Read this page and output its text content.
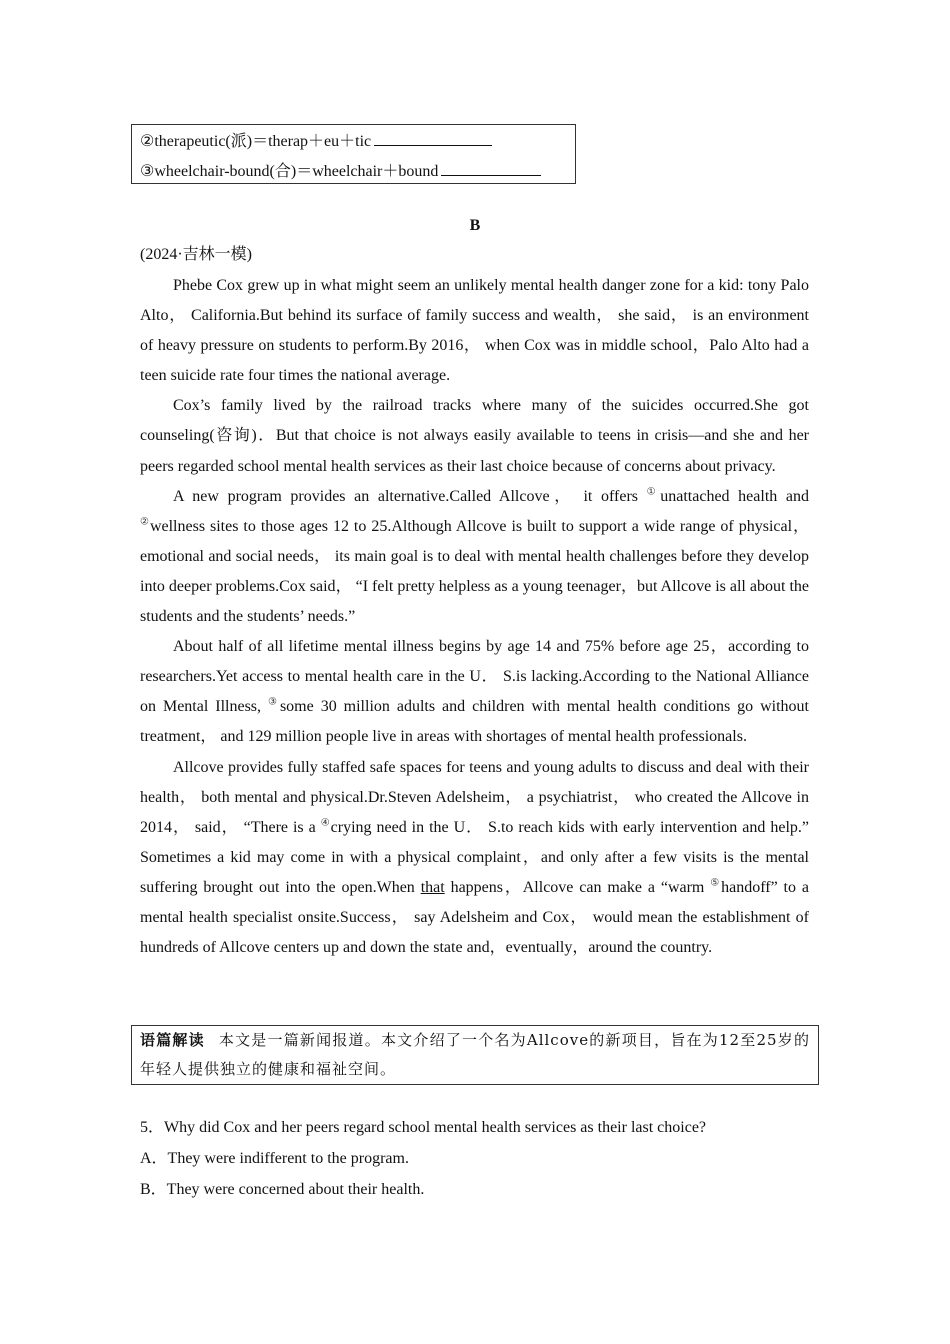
②therapeutic(派)＝therap＋eu＋tic
③wheelchair-bound(合)＝wheelchair＋bound
B
(2024·吉林一模)

Phebe Cox grew up in what might seem an unlikely mental health danger zone for a kid: tony Palo Alto， California.But behind its surface of family success and wealth， she said， is an environment of heavy pressure on students to perform.By 2016， when Cox was in middle school，Palo Alto had a teen suicide rate four times the national average.

Cox’s family lived by the railroad tracks where many of the suicides occurred.She got counseling(咨询)．But that choice is not always easily available to teens in crisis—and she and her peers regarded school mental health services as their last choice because of concerns about privacy.

A new program provides an alternative.Called Allcove， it offers ①unattached health and ②wellness sites to those ages 12 to 25.Although Allcove is built to support a wide range of physical， emotional and social needs， its main goal is to deal with mental health challenges before they develop into deeper problems.Cox said， “I felt pretty helpless as a young teenager，but Allcove is all about the students and the students’ needs.”

About half of all lifetime mental illness begins by age 14 and 75% before age 25，according to researchers.Yet access to mental health care in the U． S.is lacking.According to the National Alliance on Mental Illness, ③some 30 million adults and children with mental health conditions go without treatment， and 129 million people live in areas with shortages of mental health professionals.

Allcove provides fully staffed safe spaces for teens and young adults to discuss and deal with their health， both mental and physical.Dr.Steven Adelsheim， a psychiatrist， who created the Allcove in 2014， said， “There is a ④crying need in the U． S.to reach kids with early intervention and help.” Sometimes a kid may come in with a physical complaint，and only after a few visits is the mental suffering brought out into the open.When that happens，Allcove can make a “warm ⑤handoff” to a mental health specialist onsite.Success， say Adelsheim and Cox， would mean the establishment of hundreds of Allcove centers up and down the state and，eventually，around the country.

语篇解读 本文是一篇新闻报道。本文介绍了一个名为Allcove的新项目，旨在为12至25岁的年轻人提供独立的健康和福祉空间。

5．Why did Cox and her peers regard school mental health services as their last choice?

A．They were indifferent to the program.

B．They were concerned about their health.
